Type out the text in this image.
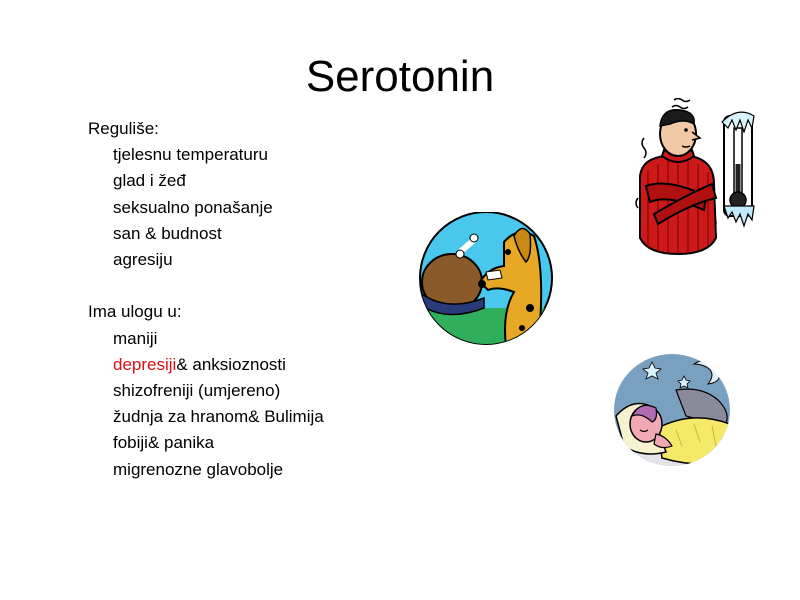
Serotonin
Reguliše:
tjelesnu temperaturu
glad i žeđ
seksualno ponašanje
san & budnost
agresiju
Ima ulogu u:
maniji
depresiji& anksioznosti
shizofreniji (umjereno)
žudnja za hranom& Bulimija
fobiji& panika
migrenozne glavobolje
